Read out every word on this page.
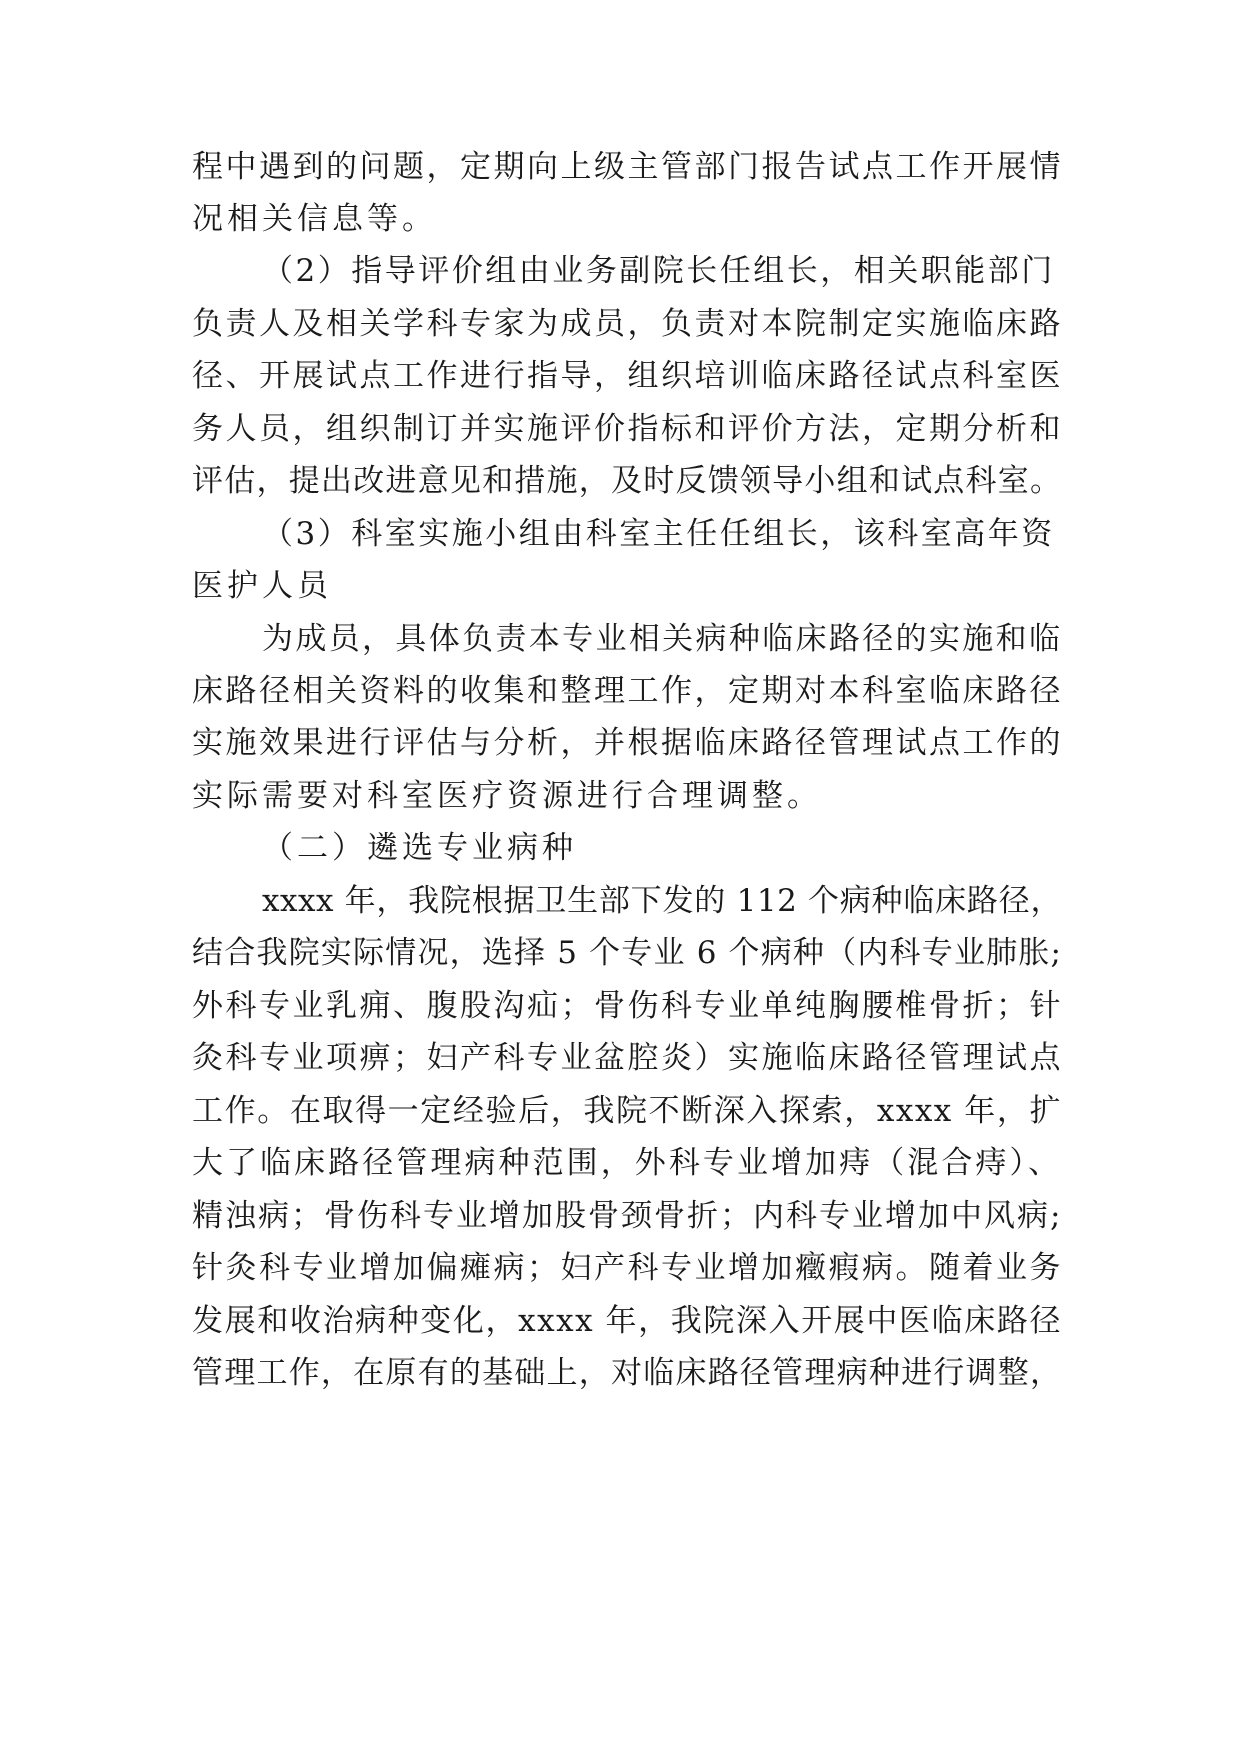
程中遇到的问题，定期向上级主管部门报告试点工作开展情
况相关信息等。
（2）指导评价组由业务副院长任组长，相关职能部门
负责人及相关学科专家为成员，负责对本院制定实施临床路
径、开展试点工作进行指导，组织培训临床路径试点科室医
务人员，组织制订并实施评价指标和评价方法，定期分析和
评估，提出改进意见和措施，及时反馈领导小组和试点科室。
（3）科室实施小组由科室主任任组长，该科室高年资
医护人员
为成员，具体负责本专业相关病种临床路径的实施和临
床路径相关资料的收集和整理工作，定期对本科室临床路径
实施效果进行评估与分析，并根据临床路径管理试点工作的
实际需要对科室医疗资源进行合理调整。
（二）遴选专业病种
xxxx 年，我院根据卫生部下发的 112 个病种临床路径，
结合我院实际情况，选择 5 个专业 6 个病种（内科专业肺胀;
外科专业乳痈、腹股沟疝；骨伤科专业单纯胸腰椎骨折；针
灸科专业项痹；妇产科专业盆腔炎）实施临床路径管理试点
工作。在取得一定经验后，我院不断深入探索，xxxx 年，扩
大了临床路径管理病种范围，外科专业增加痔（混合痔）、
精浊病；骨伤科专业增加股骨颈骨折；内科专业增加中风病;
针灸科专业增加偏瘫病；妇产科专业增加癥瘕病。随着业务
发展和收治病种变化，xxxx 年，我院深入开展中医临床路径
管理工作，在原有的基础上，对临床路径管理病种进行调整，
